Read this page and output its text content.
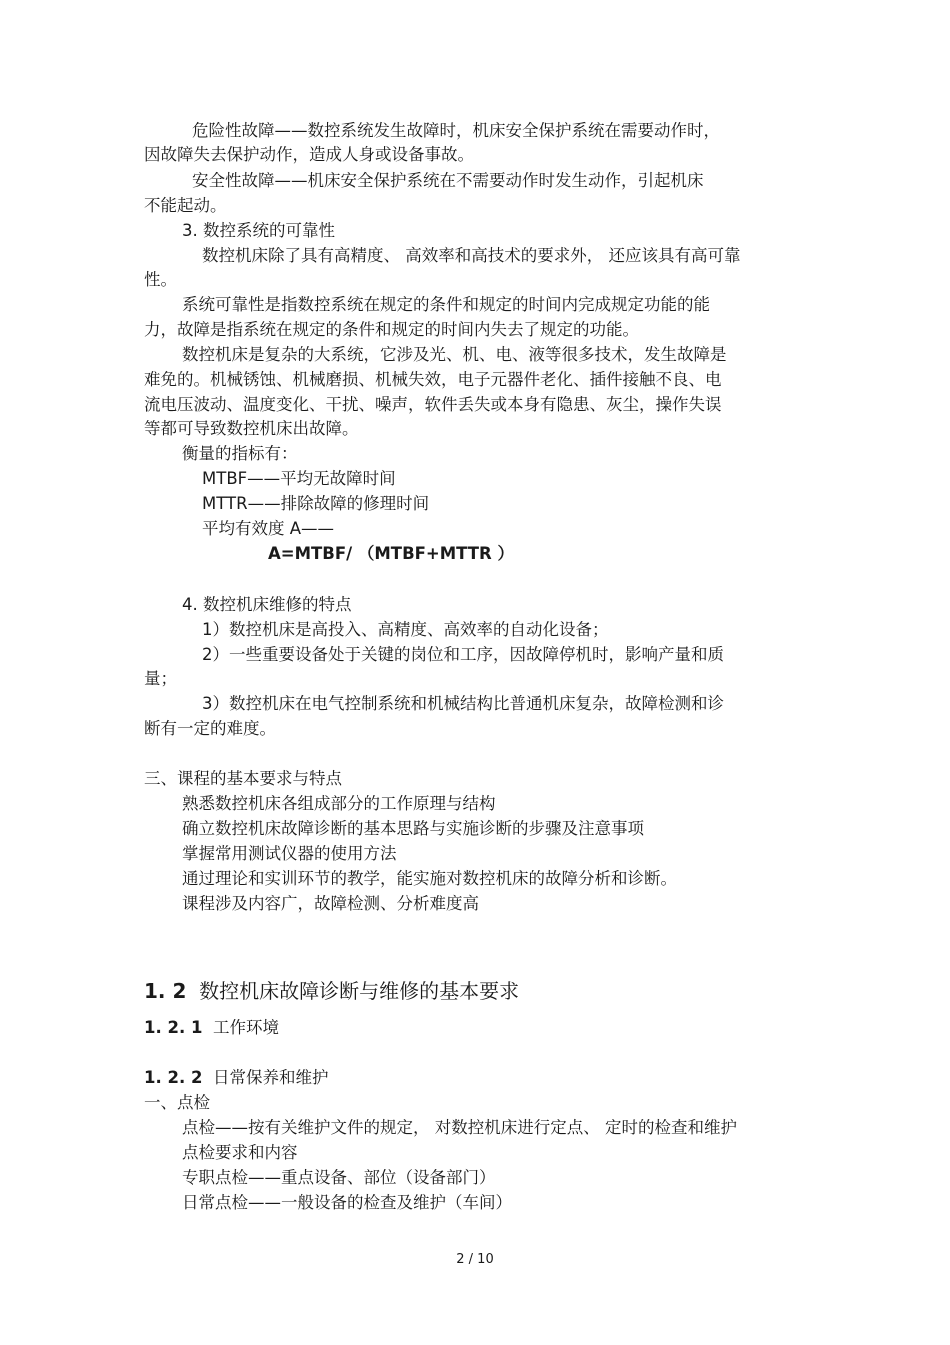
危险性故障——数控系统发生故障时，机床安全保护系统在需要动作时，
因故障失去保护动作，造成人身或设备事故。
安全性故障——机床安全保护系统在不需要动作时发生动作，引起机床
不能起动。
3. 数控系统的可靠性
数控机床除了具有高精度、 高效率和高技术的要求外， 还应该具有高可靠
性。
系统可靠性是指数控系统在规定的条件和规定的时间内完成规定功能的能
力，故障是指系统在规定的条件和规定的时间内失去了规定的功能。
数控机床是复杂的大系统，它涉及光、机、电、液等很多技术，发生故障是
难免的。机械锈蚀、机械磨损、机械失效，电子元器件老化、插件接触不良、电
流电压波动、温度变化、干扰、噪声，软件丢失或本身有隐患、灰尘，操作失误
等都可导致数控机床出故障。
衡量的指标有：
MTBF——平均无故障时间
MTTR——排除故障的修理时间
平均有效度 A——
A=MTBF/ （MTBF+MTTR ）
4. 数控机床维修的特点
1）数控机床是高投入、高精度、高效率的自动化设备；
2）一些重要设备处于关键的岗位和工序，因故障停机时，影响产量和质
量；
3）数控机床在电气控制系统和机械结构比普通机床复杂，故障检测和诊
断有一定的难度。
三、课程的基本要求与特点
熟悉数控机床各组成部分的工作原理与结构
确立数控机床故障诊断的基本思路与实施诊断的步骤及注意事项
掌握常用测试仪器的使用方法
通过理论和实训环节的教学，能实施对数控机床的故障分析和诊断。
课程涉及内容广，故障检测、分析难度高
1. 2 数控机床故障诊断与维修的基本要求
1. 2. 1 工作环境
1. 2. 2 日常保养和维护
一、点检
点检——按有关维护文件的规定， 对数控机床进行定点、 定时的检查和维护
点检要求和内容
专职点检——重点设备、部位（设备部门）
日常点检——一般设备的检查及维护（车间）
2 / 10
